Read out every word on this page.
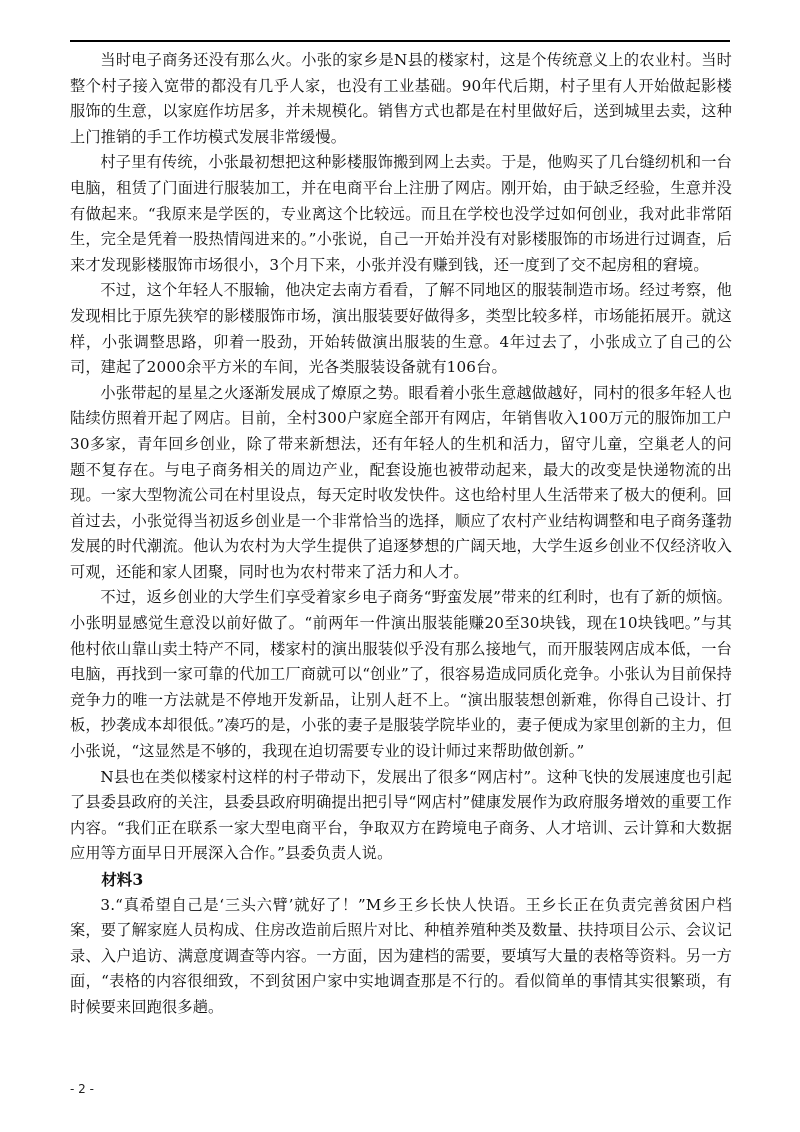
当时电子商务还没有那么火。小张的家乡是N县的楼家村，这是个传统意义上的农业村。当时整个村子接入宽带的都没有几乎人家，也没有工业基础。90年代后期，村子里有人开始做起影楼服饰的生意，以家庭作坊居多，并未规模化。销售方式也都是在村里做好后，送到城里去卖，这种上门推销的手工作坊模式发展非常缓慢。

村子里有传统，小张最初想把这种影楼服饰搬到网上去卖。于是，他购买了几台缝纫机和一台电脑，租赁了门面进行服装加工，并在电商平台上注册了网店。刚开始，由于缺乏经验，生意并没有做起来。“我原来是学医的，专业离这个比较远。而且在学校也没学过如何创业，我对此非常陌生，完全是凭着一股热情闯进来的。”小张说，自己一开始并没有对影楼服饰的市场进行过调查，后来才发现影楼服饰市场很小，3个月下来，小张并没有赚到钱，还一度到了交不起房租的窘境。

不过，这个年轻人不服输，他决定去南方看看，了解不同地区的服装制造市场。经过考察，他发现相比于原先狭窄的影楼服饰市场，演出服装要好做得多，类型比较多样，市场能拓展开。就这样，小张调整思路，卯着一股劲，开始转做演出服装的生意。4年过去了，小张成立了自己的公司，建起了2000余平方米的车间，光各类服装设备就有106台。

小张带起的星星之火逐渐发展成了燎原之势。眼看着小张生意越做越好，同村的很多年轻人也陆续仿照着开起了网店。目前，全村300户家庭全部开有网店，年销售收入100万元的服饰加工户30多家，青年回乡创业，除了带来新想法，还有年轻人的生机和活力，留守儿童，空巢老人的问题不复存在。与电子商务相关的周边产业，配套设施也被带动起来，最大的改变是快递物流的出现。一家大型物流公司在村里设点，每天定时收发快件。这也给村里人生活带来了极大的便利。回首过去，小张觉得当初返乡创业是一个非常恰当的选择，顺应了农村产业结构调整和电子商务蓬勃发展的时代潮流。他认为农村为大学生提供了追逐梦想的广阔天地，大学生返乡创业不仅经济收入可观，还能和家人团聚，同时也为农村带来了活力和人才。

不过，返乡创业的大学生们享受着家乡电子商务“野蛮发展”带来的红利时，也有了新的烦恼。小张明显感觉生意没以前好做了。“前两年一件演出服装能赚20至30块钱，现在10块钱吧。”与其他村依山靠山卖土特产不同，楼家村的演出服装似乎没有那么接地气，而开服装网店成本低，一台电脑，再找到一家可靠的代加工厂商就可以“创业”了，很容易造成同质化竞争。小张认为目前保持竞争力的唯一方法就是不停地开发新品，让别人赶不上。“演出服装想创新难，你得自己设计、打板，抄袭成本却很低。”凑巧的是，小张的妻子是服装学院毕业的，妻子便成为家里创新的主力，但小张说，“这显然是不够的，我现在迫切需要专业的设计师过来帮助做创新。”

N县也在类似楼家村这样的村子带动下，发展出了很多“网店村”。这种飞快的发展速度也引起了县委县政府的关注，县委县政府明确提出把引导“网店村”健康发展作为政府服务增效的重要工作内容。“我们正在联系一家大型电商平台，争取双方在跨境电子商务、人才培训、云计算和大数据应用等方面早日开展深入合作。”县委负责人说。

材料3

3.“真希望自己是‘三头六臂’就好了！”M乡王乡长快人快语。王乡长正在负责完善贫困户档案，要了解家庭人员构成、住房改造前后照片对比、种植养殖种类及数量、扶持项目公示、会议记录、入户追访、满意度调查等内容。一方面，因为建档的需要，要填写大量的表格等资料。另一方面，“表格的内容很细致，不到贫困户家中实地调查那是不行的。看似简单的事情其实很繁琐，有时候要来回跑很多趟。

- 2 -
